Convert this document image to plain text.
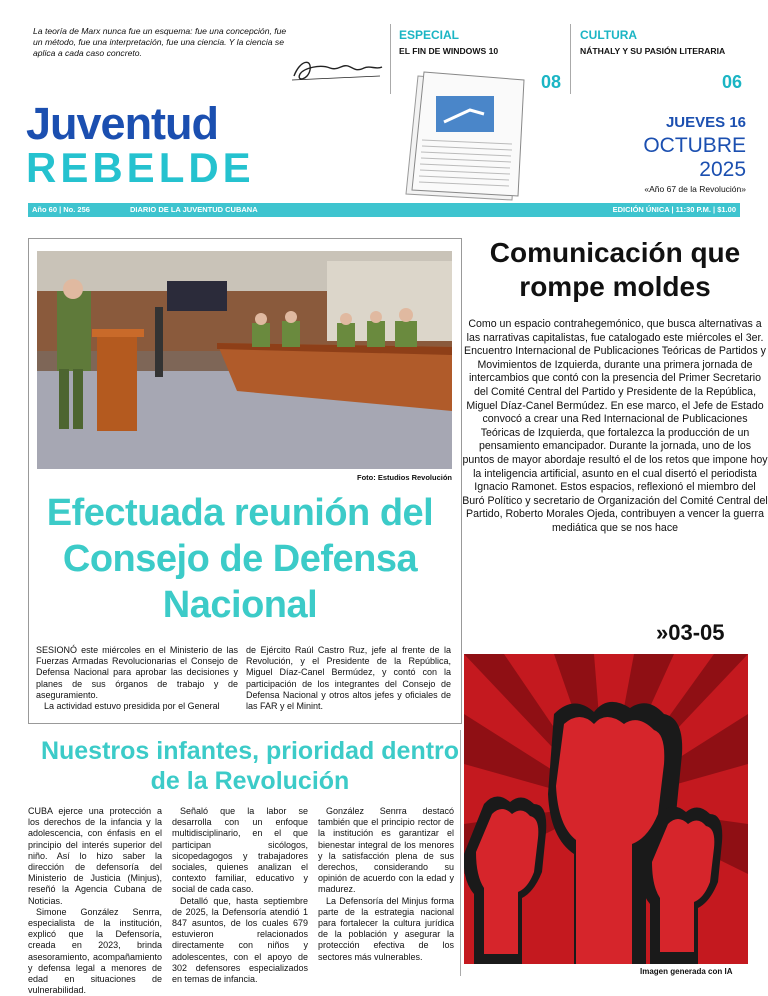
La teoría de Marx nunca fue un esquema: fue una concepción, fue un método, fue una interpretación, fue una ciencia. Y la ciencia se aplica a cada caso concreto.
ESPECIAL
EL FIN DE WINDOWS 10
08
CULTURA
NÁTHALY Y SU PASIÓN LITERARIA
06
Juventud
REBELDE
JUEVES 16
OCTUBRE
2025
«Año 67 de la Revolución»
Año 60 | No. 256	DIARIO DE LA JUVENTUD CUBANA	EDICIÓN ÚNICA | 11:30 P.M. | $1.00
Foto: Estudios Revolución
Efectuada reunión del Consejo de Defensa Nacional
SESIONÓ este miércoles en el Ministerio de las Fuerzas Armadas Revolucionarias el Consejo de Defensa Nacional para aprobar las decisiones y planes de sus órganos de trabajo y de aseguramiento.
La actividad estuvo presidida por el General
de Ejército Raúl Castro Ruz, jefe al frente de la Revolución, y el Presidente de la República, Miguel Díaz-Canel Bermúdez, y contó con la participación de los integrantes del Consejo de Defensa Nacional y otros altos jefes y oficiales de las FAR y el Minint.
Comunicación que rompe moldes
Como un espacio contrahegemónico, que busca alternativas a las narrativas capitalistas, fue catalogado este miércoles el 3er. Encuentro Internacional de Publicaciones Teóricas de Partidos y Movimientos de Izquierda, durante una primera jornada de intercambios que contó con la presencia del Primer Secretario del Comité Central del Partido y Presidente de la República, Miguel Díaz-Canel Bermúdez. En ese marco, el Jefe de Estado convocó a crear una Red Internacional de Publicaciones Teóricas de Izquierda, que fortalezca la producción de un pensamiento emancipador. Durante la jornada, uno de los puntos de mayor abordaje resultó el de los retos que impone hoy la inteligencia artificial, asunto en el cual disertó el periodista Ignacio Ramonet. Estos espacios, reflexionó el miembro del Buró Político y secretario de Organización del Comité Central del Partido, Roberto Morales Ojeda, contribuyen a vencer la guerra mediática que se nos hace
»03-05
Imagen generada con IA
Nuestros infantes, prioridad dentro de la Revolución
CUBA ejerce una protección a los derechos de la infancia y la adolescencia, con énfasis en el principio del interés superior del niño. Así lo hizo saber la dirección de defensoría del Ministerio de Justicia (Minjus), reseñó la Agencia Cubana de Noticias.
Simone González Senrra, especialista de la institución, explicó que la Defensoría, creada en 2023, brinda asesoramiento, acompañamiento y defensa legal a menores de edad en situaciones de vulnerabilidad.
Señaló que la labor se desarrolla con un enfoque multidisciplinario, en el que participan sicólogos, sicopedagogos y trabajadores sociales, quienes analizan el contexto familiar, educativo y social de cada caso.
Detalló que, hasta septiembre de 2025, la Defensoría atendió 1 847 asuntos, de los cuales 679 estuvieron relacionados directamente con niños y adolescentes, con el apoyo de 302 defensores especializados en temas de infancia.
González Senrra destacó también que el principio rector de la institución es garantizar el bienestar integral de los menores y la satisfacción plena de sus derechos, considerando su opinión de acuerdo con la edad y madurez.
La Defensoría del Minjus forma parte de la estrategia nacional para fortalecer la cultura jurídica de la población y asegurar la protección efectiva de los sectores más vulnerables.
